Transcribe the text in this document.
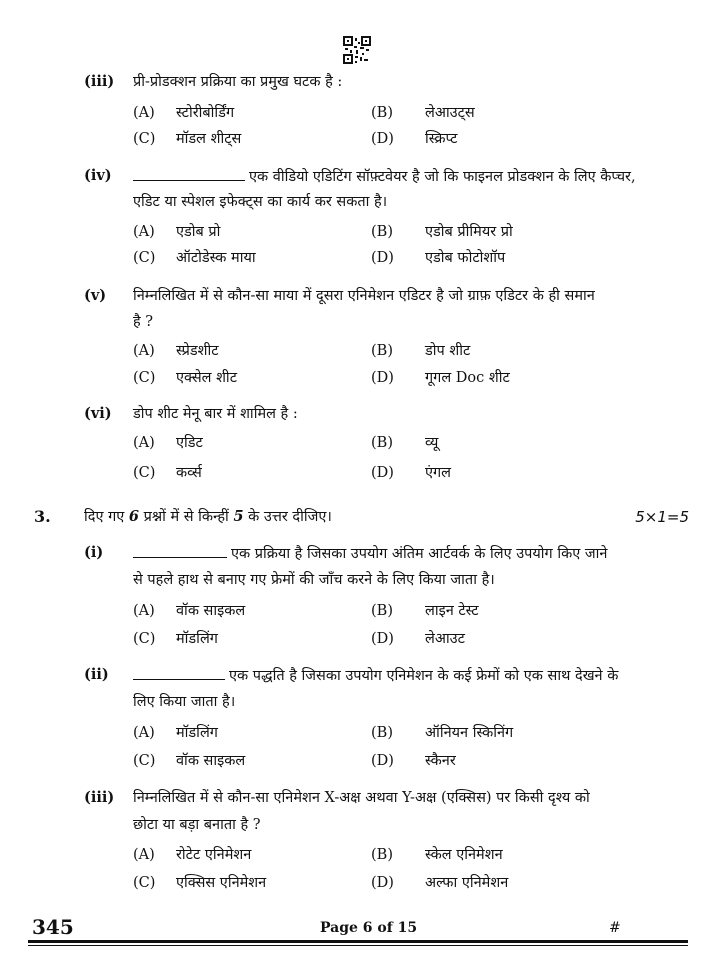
(iii) प्री-प्रोडक्शन प्रक्रिया का प्रमुख घटक है :
(A) स्टोरीबोर्डिंग	(B) लेआउट्स
(C) मॉडल शीट्स	(D) स्क्रिप्ट
(iv)	एक वीडियो एडिटिंग सॉफ़्टवेयर है जो कि फाइनल प्रोडक्शन के लिए कैप्चर,
एडिट या स्पेशल इफेक्ट्स का कार्य कर सकता है।
(A) एडोब प्रो	(B) एडोब प्रीमियर प्रो
(C) ऑटोडेस्क माया	(D) एडोब फोटोशॉप
(v) निम्नलिखित में से कौन-सा माया में दूसरा एनिमेशन एडिटर है जो ग्राफ़ एडिटर के ही समान
है ?
(A) स्प्रेडशीट	(B) डोप शीट
(C) एक्सेल शीट	(D) गूगल Doc शीट
(vi) डोप शीट मेनू बार में शामिल है :
(A) एडिट	(B) व्यू
(C) कर्व्स	(D) एंगल
3. दिए गए 6 प्रश्नों में से किन्हीं 5 के उत्तर दीजिए।	5×1=5
(i)	एक प्रक्रिया है जिसका उपयोग अंतिम आर्टवर्क के लिए उपयोग किए जाने
से पहले हाथ से बनाए गए फ्रेमों की जाँच करने के लिए किया जाता है।
(A) वॉक साइकल	(B) लाइन टेस्ट
(C) मॉडलिंग	(D) लेआउट
(ii)	एक पद्धति है जिसका उपयोग एनिमेशन के कई फ्रेमों को एक साथ देखने के
लिए किया जाता है।
(A) मॉडलिंग	(B) ऑनियन स्किनिंग
(C) वॉक साइकल	(D) स्कैनर
(iii) निम्नलिखित में से कौन-सा एनिमेशन X-अक्ष अथवा Y-अक्ष (एक्सिस) पर किसी दृश्य को
छोटा या बड़ा बनाता है ?
(A) रोटेट एनिमेशन	(B) स्केल एनिमेशन
(C) एक्सिस एनिमेशन	(D) अल्फा एनिमेशन
345	Page 6 of 15	#
